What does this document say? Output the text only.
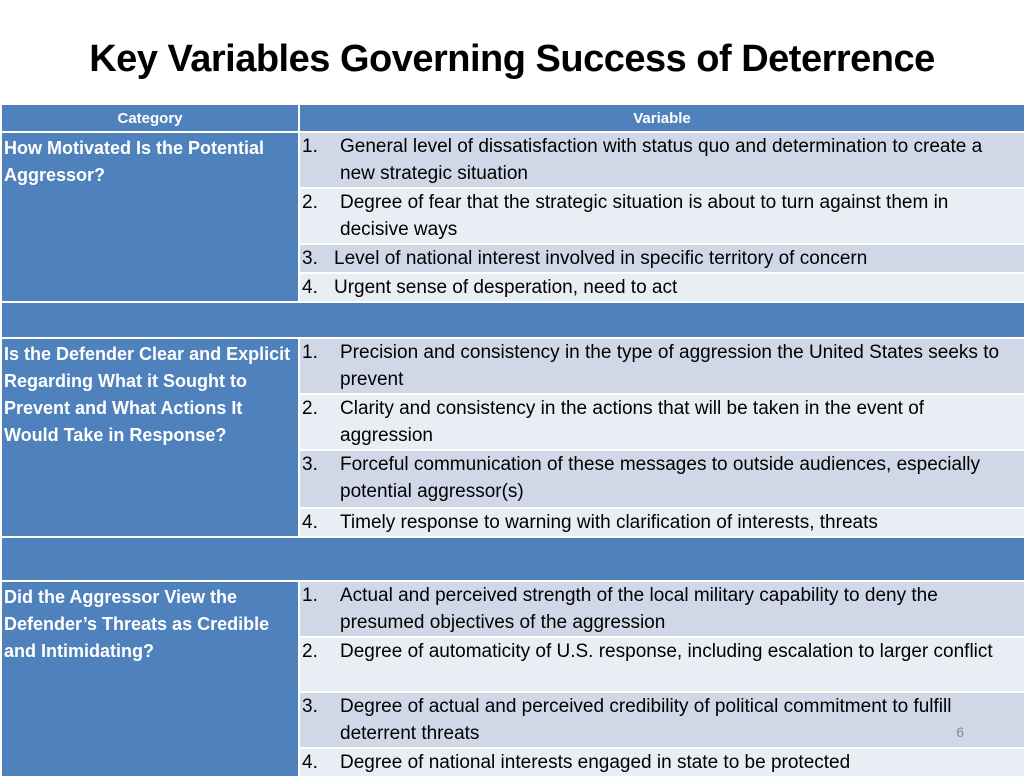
Key Variables Governing Success of Deterrence
Category	Variable
How Motivated Is the Potential Aggressor?	1. General level of dissatisfaction with status quo and determination to create a new strategic situation

	2. Degree of fear that the strategic situation is about to turn against them in decisive ways

	3. Level of national interest involved in specific territory of concern

	4. Urgent sense of desperation, need to act

Is the Defender Clear and Explicit Regarding What it Sought to Prevent and What Actions It Would Take in Response?	1. Precision and consistency in the type of aggression the United States seeks to prevent

	2. Clarity and consistency in the actions that will be taken in the event of aggression

	3. Forceful communication of these messages to outside audiences, especially potential aggressor(s)

	4. Timely response to warning with clarification of interests, threats

Did the Aggressor View the Defender’s Threats as Credible and Intimidating?	1. Actual and perceived strength of the local military capability to deny the presumed objectives of the aggression

	2. Degree of automaticity of U.S. response, including escalation to larger conflict

	3. Degree of actual and perceived credibility of political commitment to fulfill deterrent threats

	4. Degree of national interests engaged in state to be protected
6
